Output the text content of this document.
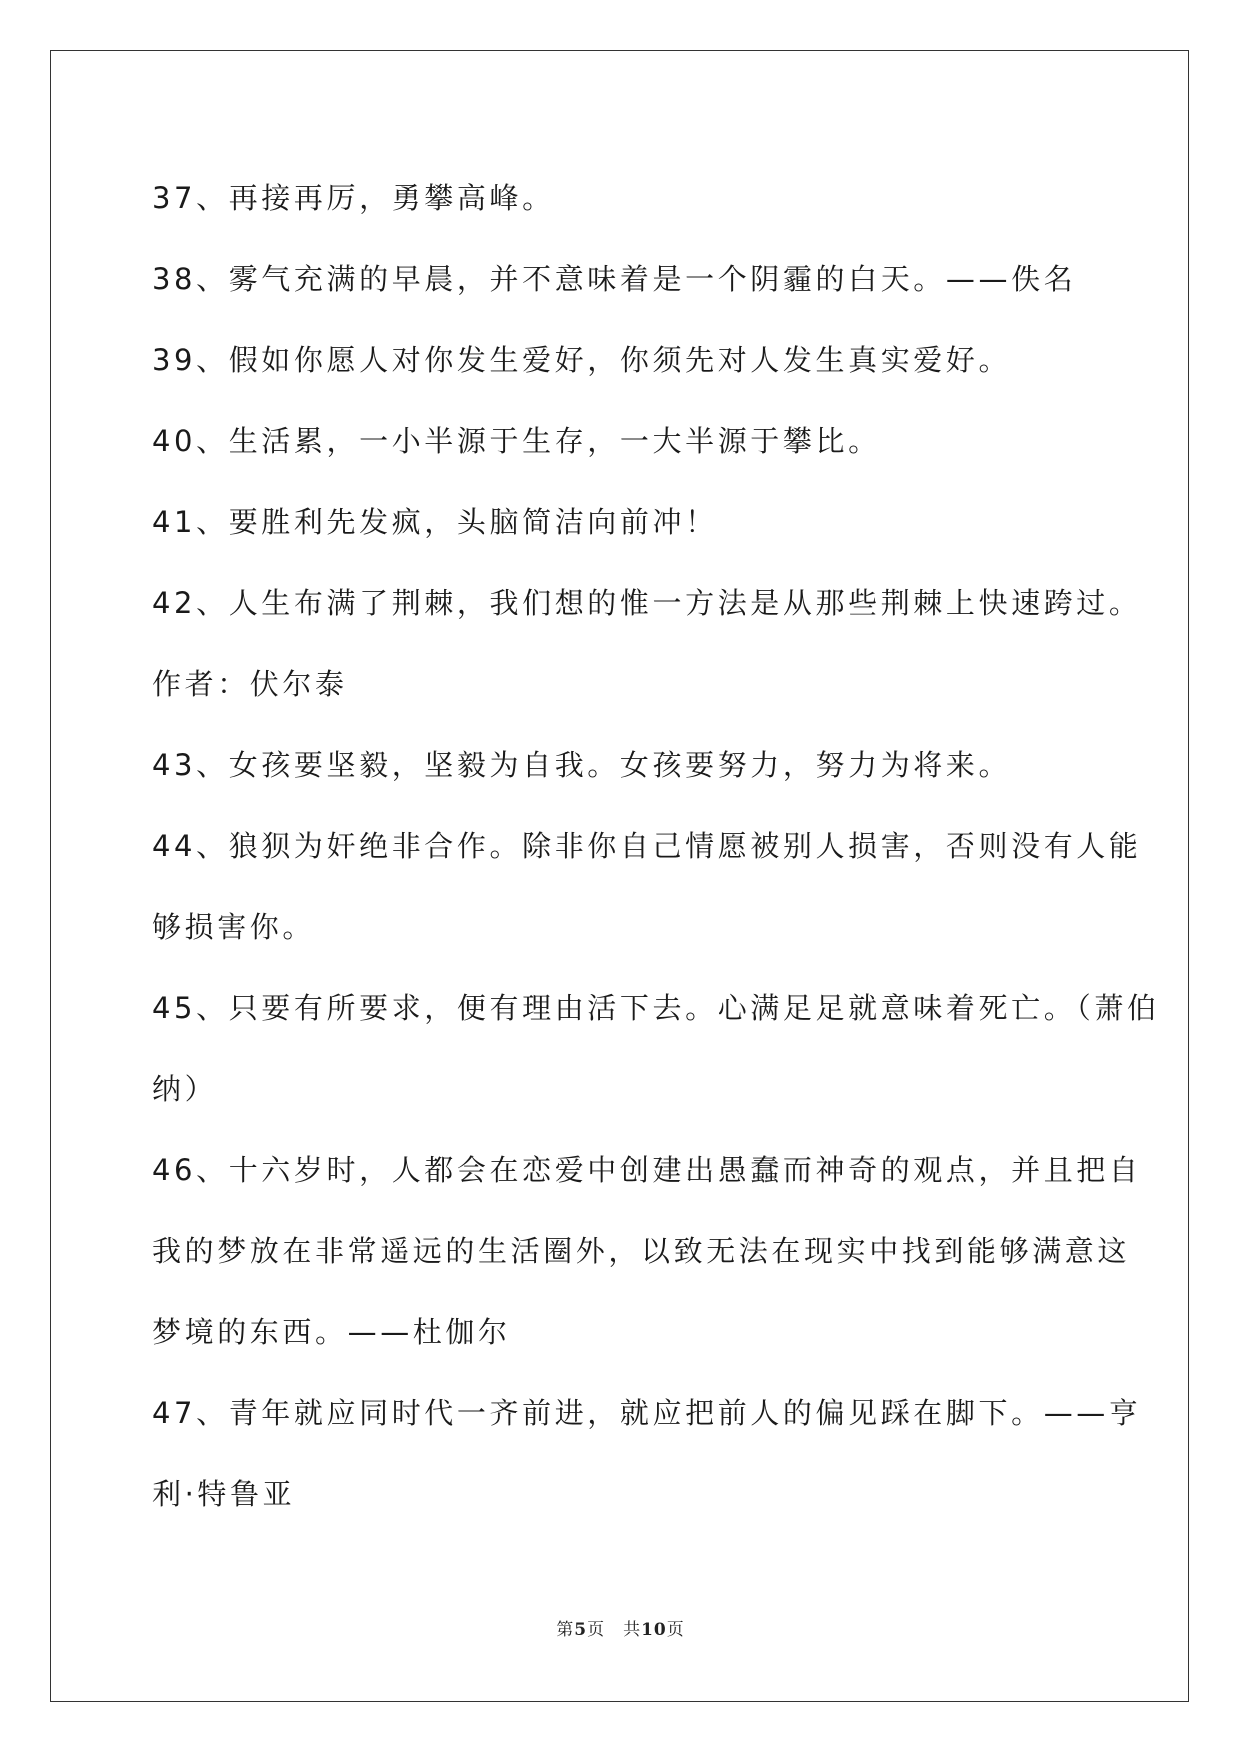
37、再接再厉，勇攀高峰。
38、雾气充满的早晨，并不意味着是一个阴霾的白天。——佚名
39、假如你愿人对你发生爱好，你须先对人发生真实爱好。
40、生活累，一小半源于生存，一大半源于攀比。
41、要胜利先发疯，头脑简洁向前冲！
42、人生布满了荆棘，我们想的惟一方法是从那些荆棘上快速跨过。
作者：伏尔泰
43、女孩要坚毅，坚毅为自我。女孩要努力，努力为将来。
44、狼狈为奸绝非合作。除非你自己情愿被别人损害，否则没有人能
够损害你。
45、只要有所要求，便有理由活下去。心满足足就意味着死亡。（萧伯
纳）
46、十六岁时，人都会在恋爱中创建出愚蠢而神奇的观点，并且把自
我的梦放在非常遥远的生活圈外，以致无法在现实中找到能够满意这
梦境的东西。——杜伽尔
47、青年就应同时代一齐前进，就应把前人的偏见踩在脚下。——亨
利·特鲁亚
第5页 共10页
